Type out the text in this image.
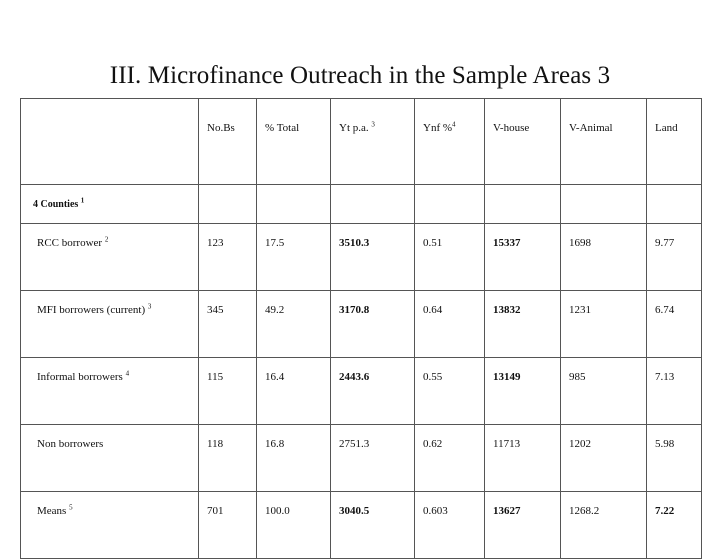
III. Microfinance Outreach in the Sample Areas 3
	No.Bs	% Total	Yt p.a. $^3$	Ynf %$^4$	V-house	V-Animal	Land
4 Counties $^1$							
RCC borrower $^2$	123	17.5	3510.3	0.51	15337	1698	9.77
MFI borrowers (current) $^3$	345	49.2	3170.8	0.64	13832	1231	6.74
Informal borrowers $^4$	115	16.4	2443.6	0.55	13149	985	7.13
Non borrowers	118	16.8	2751.3	0.62	11713	1202	5.98
Means $^5$	701	100.0	3040.5	0.603	13627	1268.2	7.22
